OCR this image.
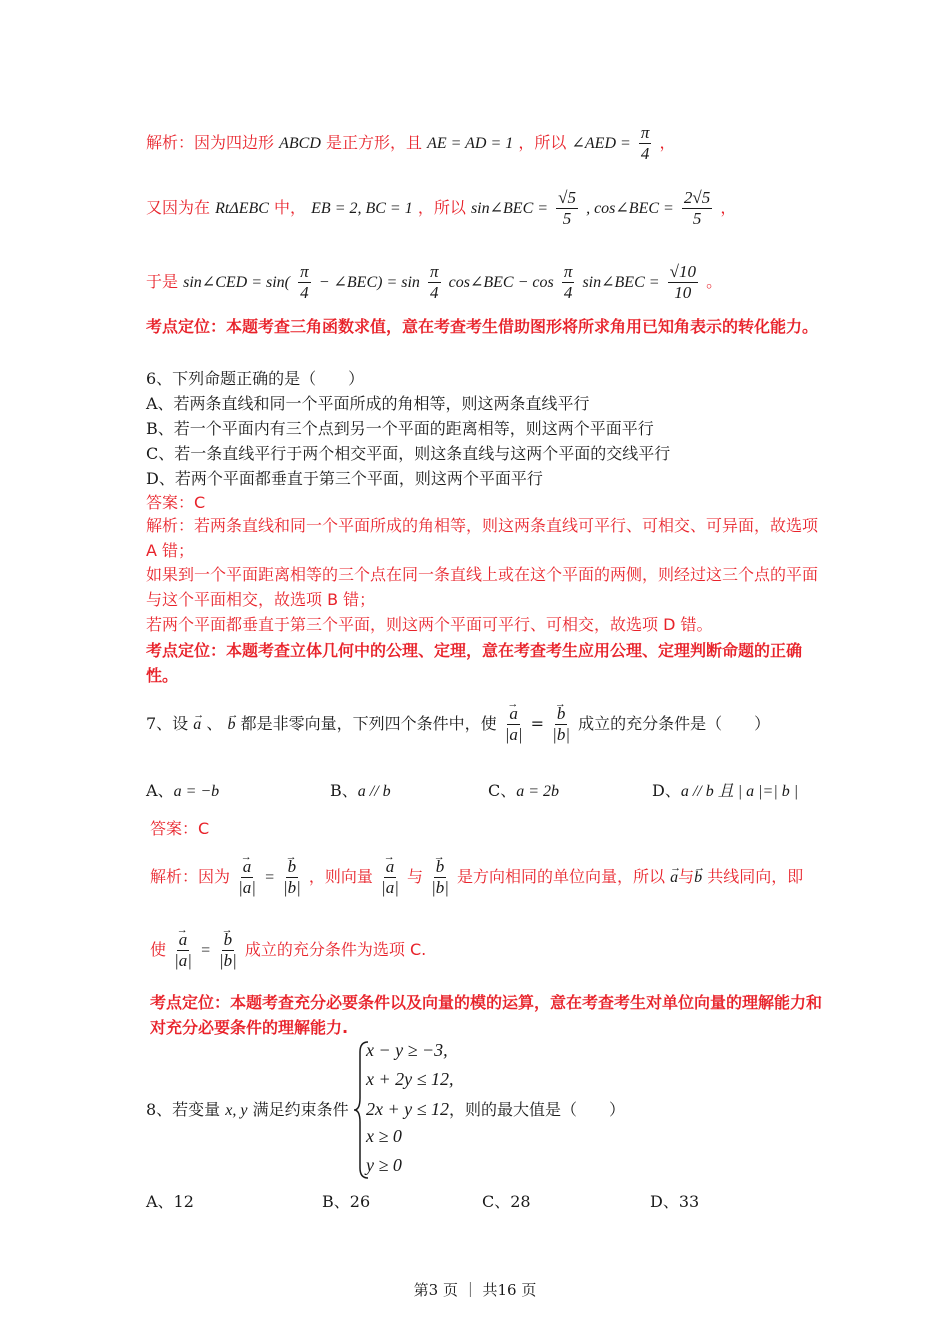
解析：因为四边形 ABCD 是正方形，且 AE = AD = 1 ，所以 ∠AED = $\frac{\pi}{4}$ ，
又因为在 RtΔEBC 中， EB = 2, BC = 1 ，所以 sin∠BEC = $\frac{√5}{5}$ , cos∠BEC = $\frac{2√5}{5}$ ，
于是 sin∠CED = $\sin( \frac{\pi}{4}$ − ∠BEC) = $\sin \frac{\pi}{4}$ cos∠BEC − $\cos \frac{\pi}{4}$ sin∠BEC = $\frac{√10}{10}$ 。
考点定位：本题考查三角函数求值，意在考查考生借助图形将所求角用已知角表示的转化能力。
6、下列命题正确的是（　　）
A、若两条直线和同一个平面所成的角相等，则这两条直线平行
B、若一个平面内有三个点到另一个平面的距离相等，则这两个平面平行
C、若一条直线平行于两个相交平面，则这条直线与这两个平面的交线平行
D、若两个平面都垂直于第三个平面，则这两个平面平行
答案：C
解析：若两条直线和同一个平面所成的角相等，则这两条直线可平行、可相交、可异面，故选项 A 错；
如果到一个平面距离相等的三个点在同一条直线上或在这个平面的两侧，则经过这三个点的平面与这个平面相交，故选项 B 错；
若两个平面都垂直于第三个平面，则这两个平面可平行、可相交，故选项 D 错。
考点定位：本题考查立体几何中的公理、定理，意在考查考生应用公理、定理判断命题的正确性。
7、设 → a 、 → b 都是非零向量，下列四个条件中，使 → $\frac{a}{|a|}$ = → $\frac{b}{|b|}$ 成立的充分条件是（　　）
A、a = −b	B、a // b	C、a = 2b	D、a // b 且 | a |=| b |
答案：C
解析：因为 → $\frac{a}{|a|}$ = → $\frac{b}{|b|}$ ，则向量 → $\frac{a}{|a|}$ 与 → $\frac{b}{|b|}$ 是方向相同的单位向量，所以 → a与→ b 共线同向，即
使 → $\frac{a}{|a|}$ = → $\frac{b}{|b|}$ 成立的充分条件为选项 C.
考点定位：本题考查充分必要条件以及向量的模的运算，意在考查考生对单位向量的理解能力和对充分必要条件的理解能力.
8、若变量 x, y 满足约束条件
x − y ≥ −3,
x + 2y ≤ 12,
2x + y ≤ 12，则的最大值是（　　）
x ≥ 0
y ≥ 0
A、12	B、26	C、28	D、33
第3 页 ｜ 共16 页
